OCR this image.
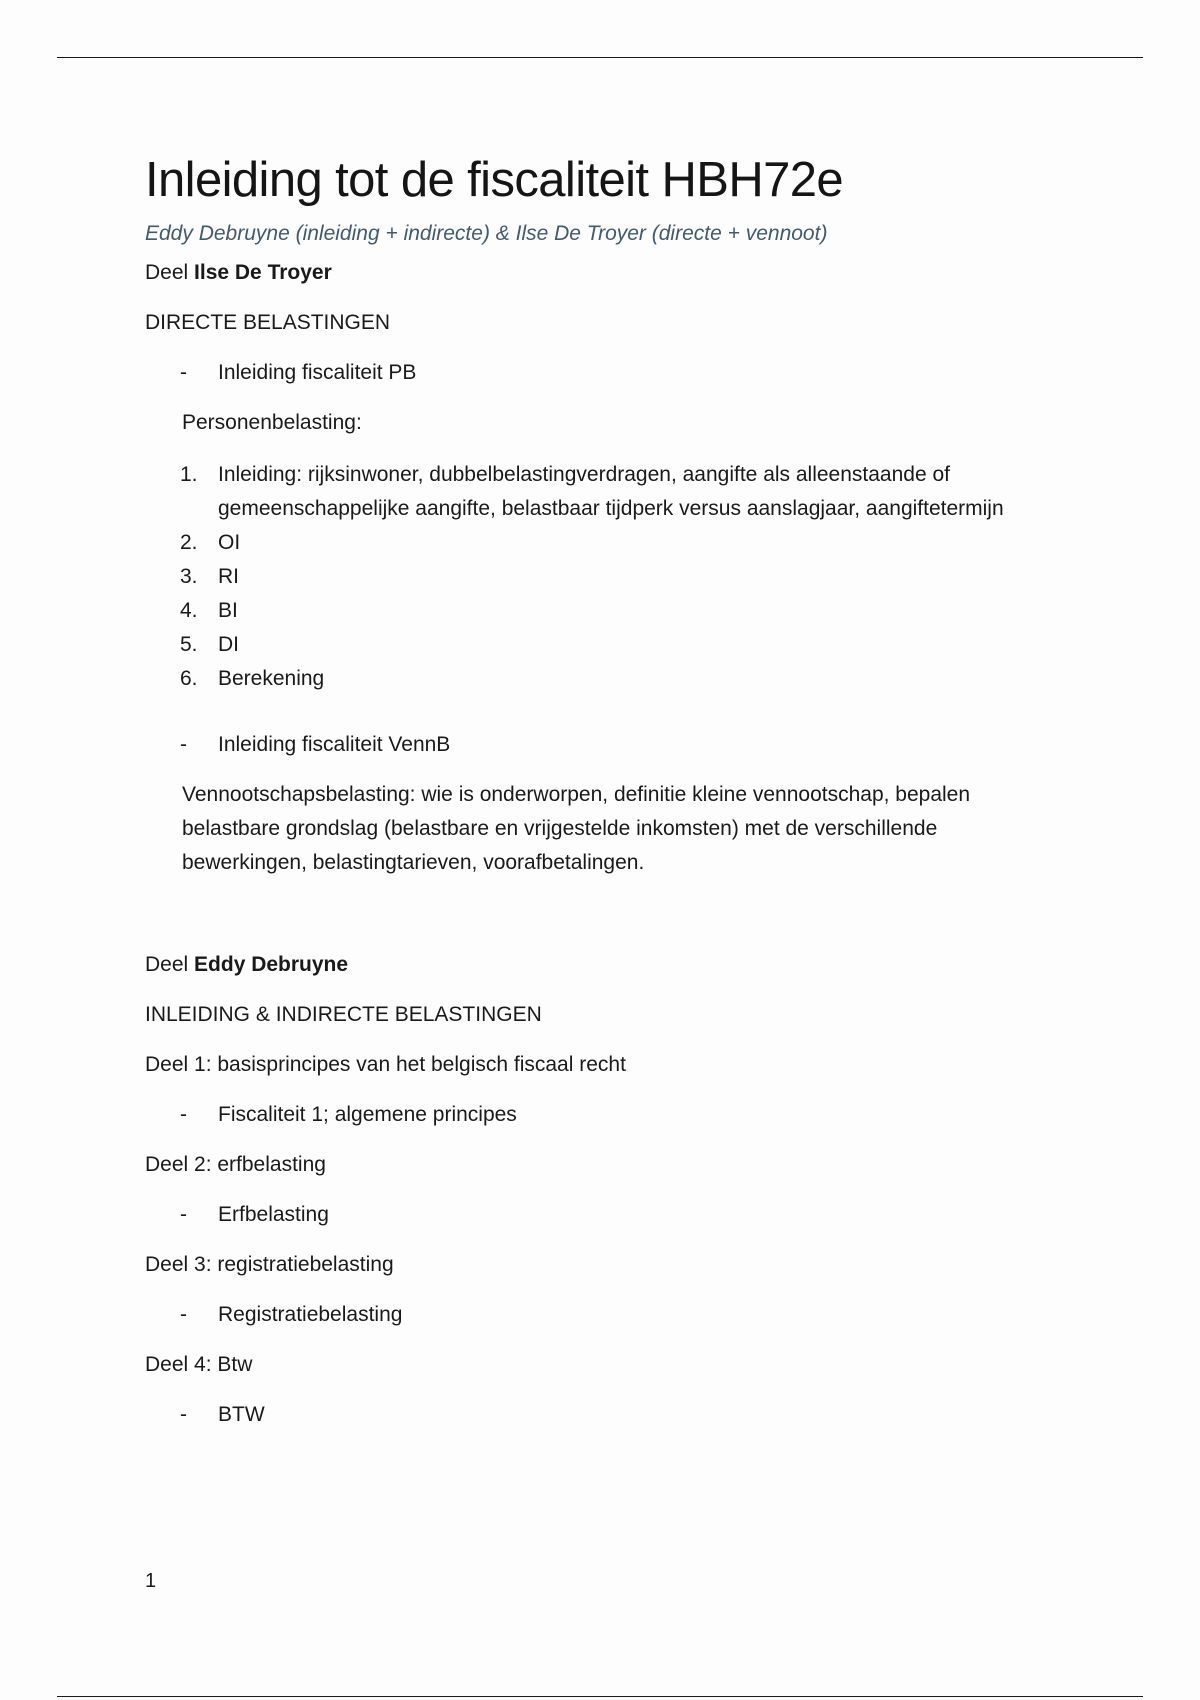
Inleiding tot de fiscaliteit HBH72e
Eddy Debruyne (inleiding + indirecte) & Ilse De Troyer (directe + vennoot)

Deel Ilse De Troyer

DIRECTE BELASTINGEN

- Inleiding fiscaliteit PB
Personenbelasting:
1. Inleiding: rijksinwoner, dubbelbelastingverdragen, aangifte als alleenstaande of gemeenschappelijke aangifte, belastbaar tijdperk versus aanslagjaar, aangiftetermijn
2. OI
3. RI
4. BI
5. DI
6. Berekening
- Inleiding fiscaliteit VennB
Vennootschapsbelasting: wie is onderworpen, definitie kleine vennootschap, bepalen belastbare grondslag (belastbare en vrijgestelde inkomsten) met de verschillende bewerkingen, belastingtarieven, voorafbetalingen.

Deel Eddy Debruyne

INLEIDING & INDIRECTE BELASTINGEN

Deel 1: basisprincipes van het belgisch fiscaal recht

- Fiscaliteit 1; algemene principes

Deel 2: erfbelasting

- Erfbelasting

Deel 3: registratiebelasting

- Registratiebelasting

Deel 4: Btw

- BTW
1
